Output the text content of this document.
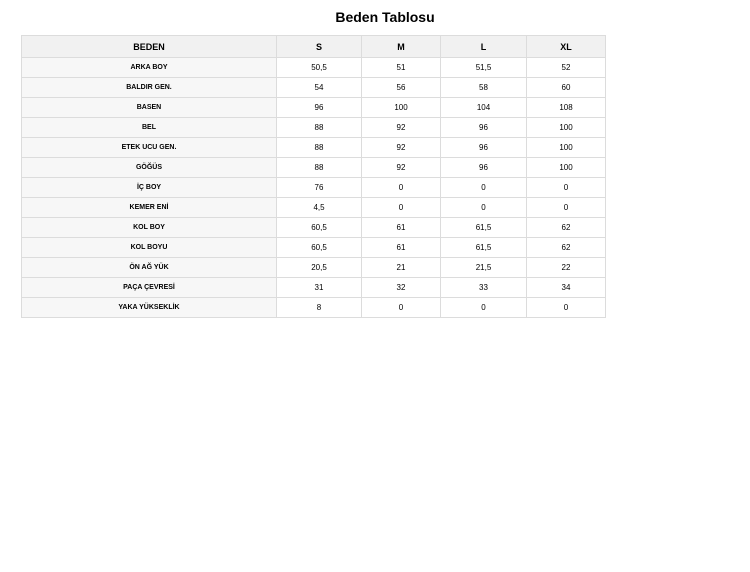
Beden Tablosu
BEDEN	S	M	L	XL
ARKA BOY	50,5	51	51,5	52
BALDIR GEN.	54	56	58	60
BASEN	96	100	104	108
BEL	88	92	96	100
ETEK UCU GEN.	88	92	96	100
GÖĞÜS	88	92	96	100
İÇ BOY	76	0	0	0
KEMER ENİ	4,5	0	0	0
KOL BOY	60,5	61	61,5	62
KOL BOYU	60,5	61	61,5	62
ÖN AĞ YÜK	20,5	21	21,5	22
PAÇA ÇEVRESİ	31	32	33	34
YAKA YÜKSEKLİK	8	0	0	0
